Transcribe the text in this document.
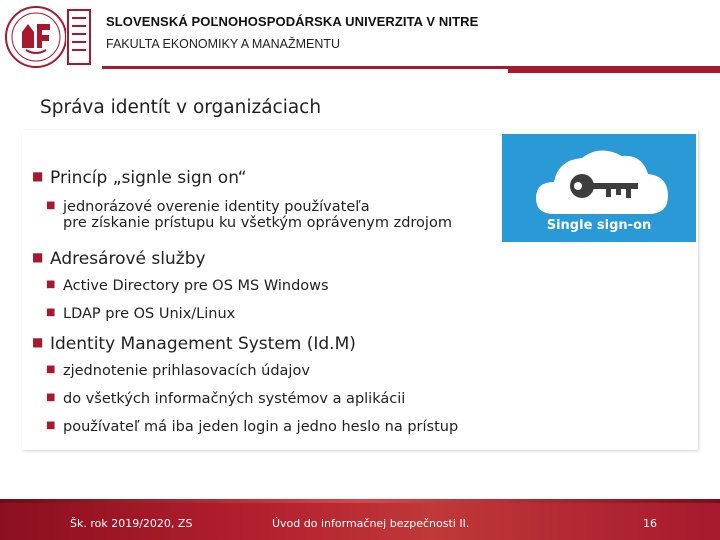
SLOVENSKÁ POĽNOHOSPODÁRSKA UNIVERZITA V NITRE
FAKULTA EKONOMIKY A MANAŽMENTU
Správa identít v organizáciach
Single sign-on
■ Princíp „signle sign on“
■ jednorázové overenie identity používateľa
pre získanie prístupu ku všetkým oprávenym zdrojom
■ Adresárové služby
■ Active Directory pre OS MS Windows
■ LDAP pre OS Unix/Linux
■ Identity Management System (Id.M)
■ zjednotenie prihlasovacích údajov
■ do všetkých informačných systémov a aplikácii
■ používateľ má iba jeden login a jedno heslo na prístup
Šk. rok 2019/2020, ZS	Úvod do informačnej bezpečnosti II.	16
